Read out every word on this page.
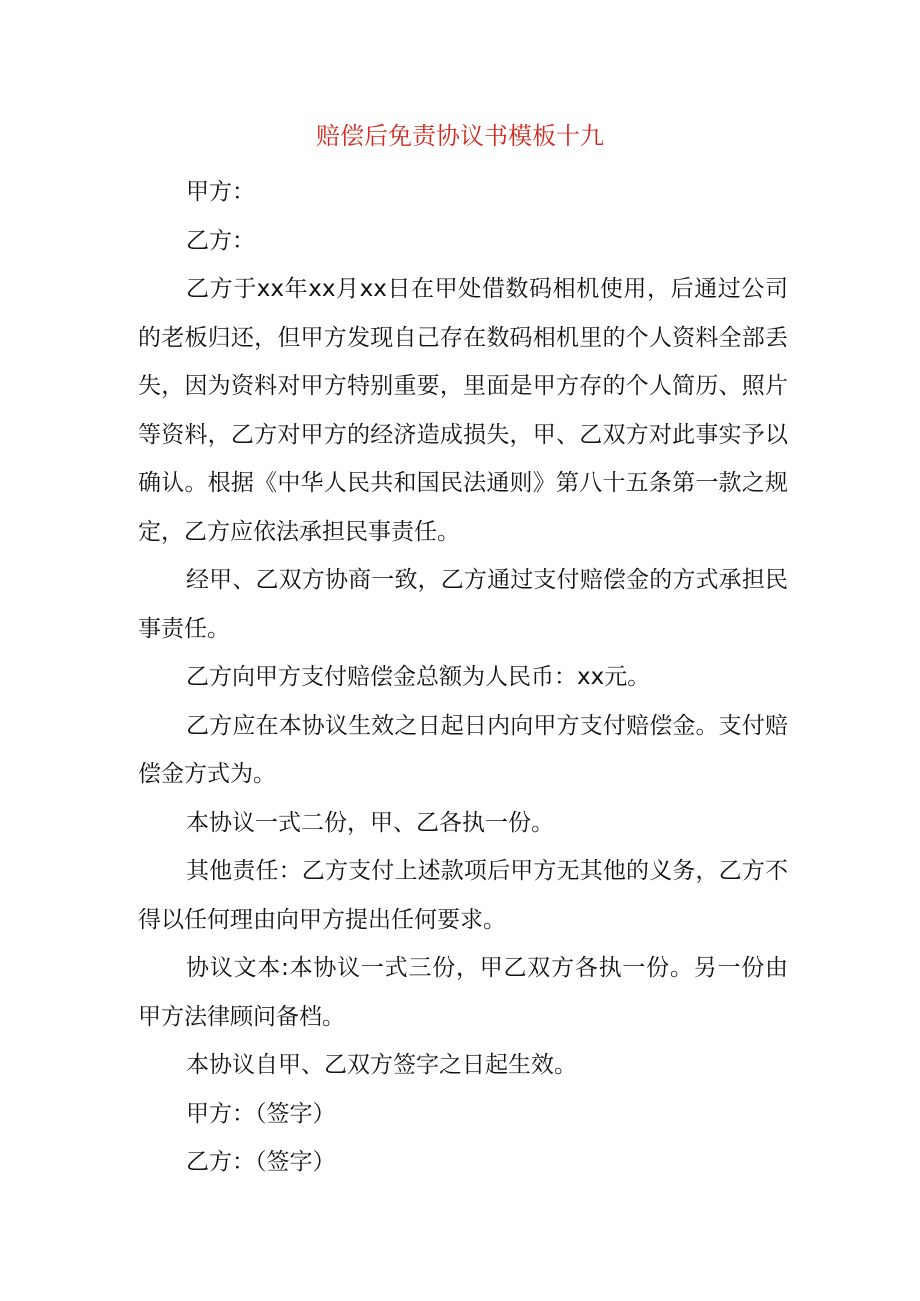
赔偿后免责协议书模板十九

甲方：

乙方：

乙方于xx年xx月xx日在甲处借数码相机使用，后通过公司的老板归还，但甲方发现自己存在数码相机里的个人资料全部丢失，因为资料对甲方特别重要，里面是甲方存的个人简历、照片等资料，乙方对甲方的经济造成损失，甲、乙双方对此事实予以确认。根据《中华人民共和国民法通则》第八十五条第一款之规定，乙方应依法承担民事责任。

经甲、乙双方协商一致，乙方通过支付赔偿金的方式承担民事责任。

乙方向甲方支付赔偿金总额为人民币：xx元。

乙方应在本协议生效之日起日内向甲方支付赔偿金。支付赔偿金方式为。

本协议一式二份，甲、乙各执一份。

其他责任：乙方支付上述款项后甲方无其他的义务，乙方不得以任何理由向甲方提出任何要求。

协议文本:本协议一式三份，甲乙双方各执一份。另一份由甲方法律顾问备档。

本协议自甲、乙双方签字之日起生效。

甲方：（签字）

乙方：（签字）
